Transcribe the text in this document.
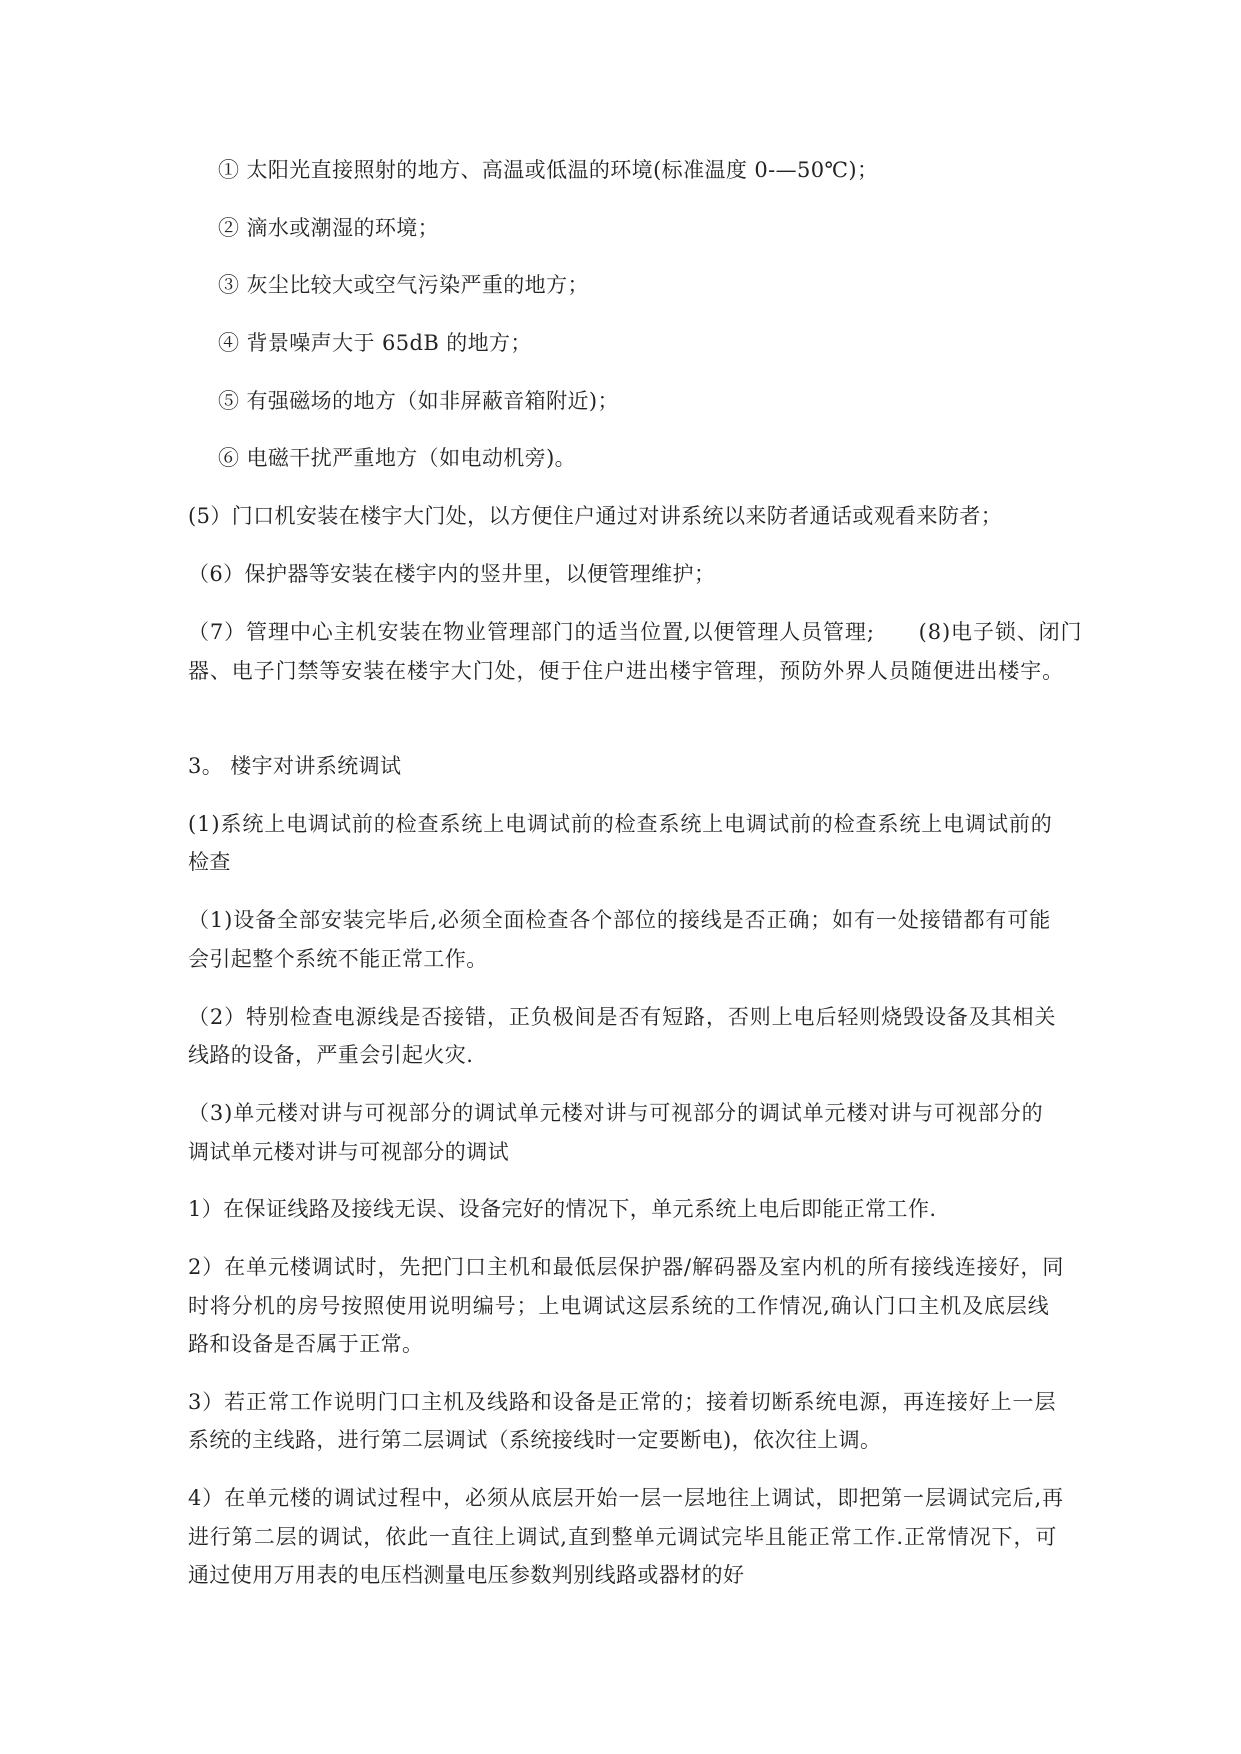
① 太阳光直接照射的地方、高温或低温的环境(标准温度 0-—50℃)；
② 滴水或潮湿的环境；
③ 灰尘比较大或空气污染严重的地方；
④ 背景噪声大于 65dB 的地方；
⑤ 有强磁场的地方（如非屏蔽音箱附近)；
⑥ 电磁干扰严重地方（如电动机旁)。
(5）门口机安装在楼宇大门处，以方便住户通过对讲系统以来防者通话或观看来防者；
（6）保护器等安装在楼宇内的竖井里，以便管理维护；
（7）管理中心主机安装在物业管理部门的适当位置,以便管理人员管理;　　(8)电子锁、闭门
器、电子门禁等安装在楼宇大门处，便于住户进出楼宇管理，预防外界人员随便进出楼宇。
3。 楼宇对讲系统调试
(1)系统上电调试前的检查系统上电调试前的检查系统上电调试前的检查系统上电调试前的
检查
（1)设备全部安装完毕后,必须全面检查各个部位的接线是否正确；如有一处接错都有可能
会引起整个系统不能正常工作。
（2）特别检查电源线是否接错，正负极间是否有短路，否则上电后轻则烧毁设备及其相关
线路的设备，严重会引起火灾.
（3)单元楼对讲与可视部分的调试单元楼对讲与可视部分的调试单元楼对讲与可视部分的
调试单元楼对讲与可视部分的调试
1）在保证线路及接线无误、设备完好的情况下，单元系统上电后即能正常工作.
2）在单元楼调试时，先把门口主机和最低层保护器/解码器及室内机的所有接线连接好，同
时将分机的房号按照使用说明编号；上电调试这层系统的工作情况,确认门口主机及底层线
路和设备是否属于正常。
3）若正常工作说明门口主机及线路和设备是正常的；接着切断系统电源，再连接好上一层
系统的主线路，进行第二层调试（系统接线时一定要断电)，依次往上调。
4）在单元楼的调试过程中，必须从底层开始一层一层地往上调试，即把第一层调试完后,再
进行第二层的调试，依此一直往上调试,直到整单元调试完毕且能正常工作.正常情况下，可
通过使用万用表的电压档测量电压参数判别线路或器材的好
